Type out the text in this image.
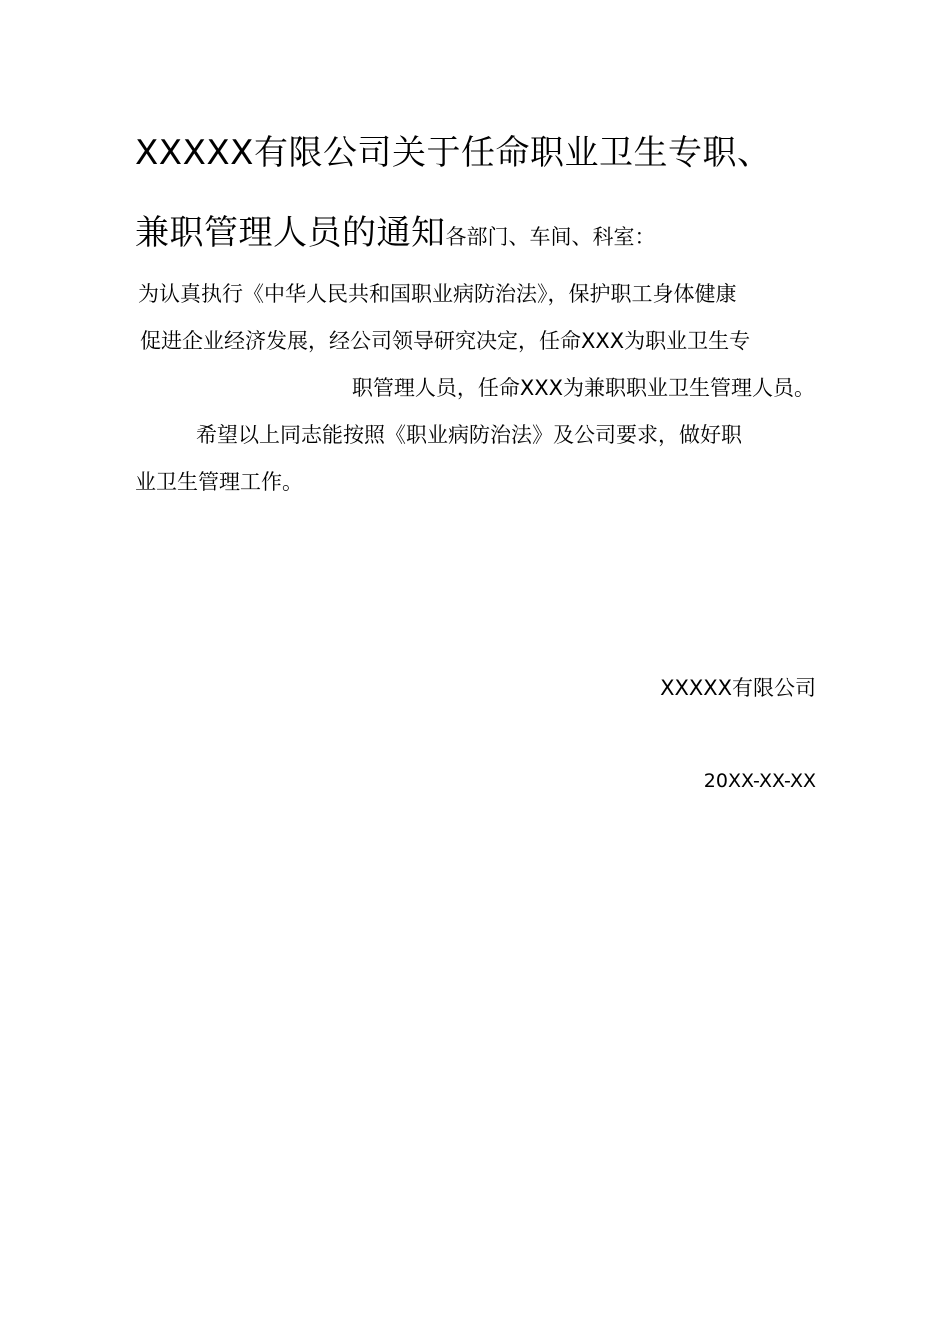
XXXXX有限公司关于任命职业卫生专职、
兼职管理人员的通知各部门、车间、科室：
为认真执行《中华人民共和国职业病防治法》，保护职工身体健康
促进企业经济发展，经公司领导研究决定，任命XXX为职业卫生专
职管理人员，任命XXX为兼职职业卫生管理人员。
希望以上同志能按照《职业病防治法》及公司要求，做好职
业卫生管理工作。
XXXXX有限公司
20XX-XX-XX
